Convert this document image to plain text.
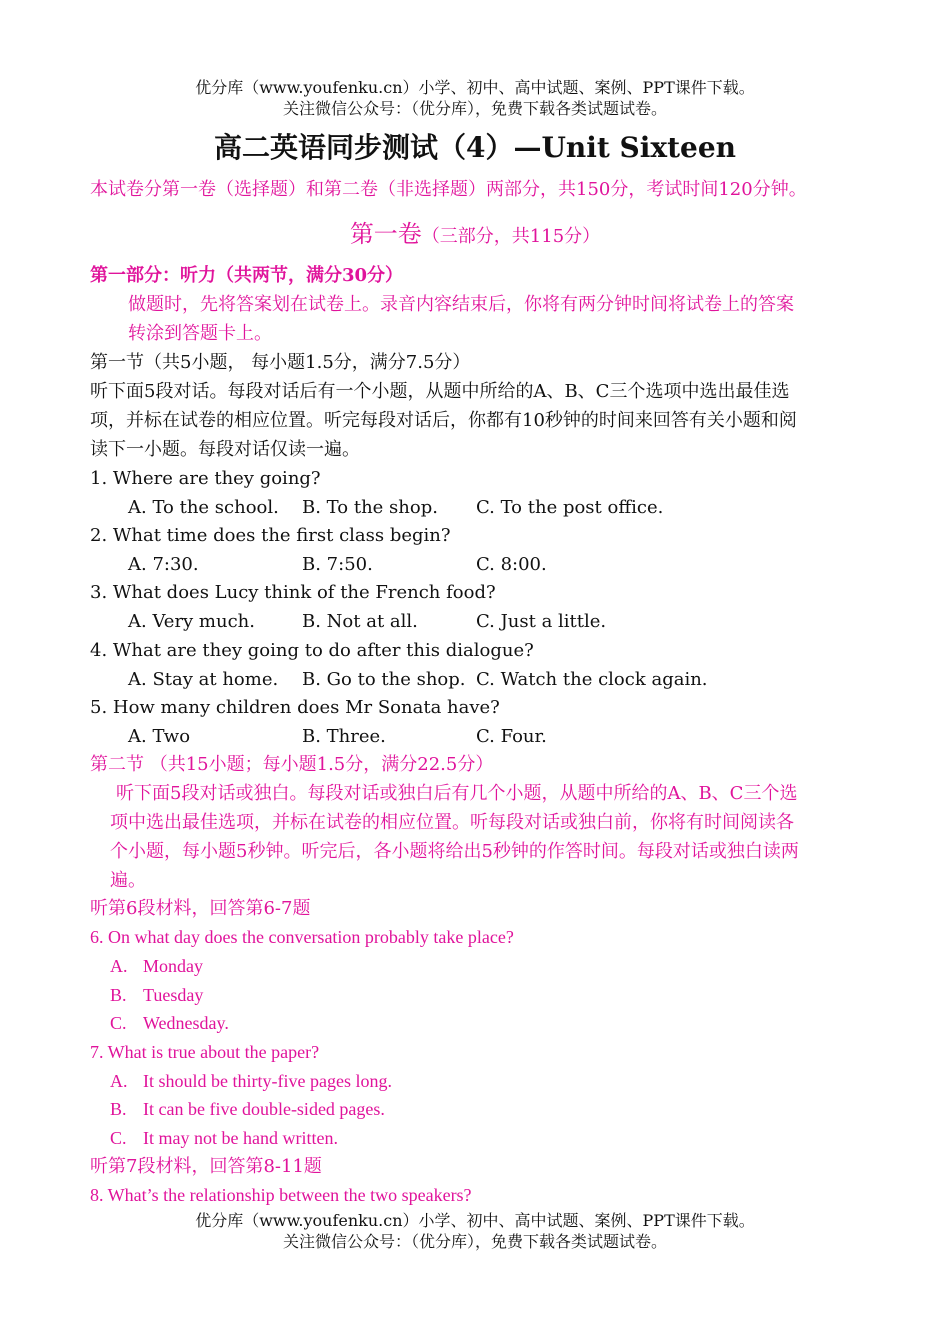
优分库（www.youfenku.cn）小学、初中、高中试题、案例、PPT课件下载。
关注微信公众号：（优分库），免费下载各类试题试卷。
高二英语同步测试（4）—Unit Sixteen
本试卷分第一卷（选择题）和第二卷（非选择题）两部分，共150分，考试时间120分钟。
第一卷（三部分，共115分）
第一部分：听力（共两节，满分30分）
做题时，先将答案划在试卷上。录音内容结束后，你将有两分钟时间将试卷上的答案
转涂到答题卡上。
第一节（共5小题， 每小题1.5分，满分7.5分）
听下面5段对话。每段对话后有一个小题，从题中所给的A、B、C三个选项中选出最佳选
项，并标在试卷的相应位置。听完每段对话后，你都有10秒钟的时间来回答有关小题和阅
读下一小题。每段对话仅读一遍。
1. Where are they going?
A. To the school. B. To the shop. C. To the post office.
2. What time does the first class begin?
A. 7:30.	B. 7:50.	C. 8:00.
3. What does Lucy think of the French food?
A. Very much.	B. Not at all.	C. Just a little.
4. What are they going to do after this dialogue?
A. Stay at home. B. Go to the shop. C. Watch the clock again.
5. How many children does Mr Sonata have?
A. Two	B. Three.	C. Four.
第二节 （共15小题；每小题1.5分，满分22.5分）
听下面5段对话或独白。每段对话或独白后有几个小题，从题中所给的A、B、C三个选
项中选出最佳选项，并标在试卷的相应位置。听每段对话或独白前，你将有时间阅读各
个小题，每小题5秒钟。听完后，各小题将给出5秒钟的作答时间。每段对话或独白读两
遍。
听第6段材料，回答第6-7题
6. On what day does the conversation probably take place?
A. Monday
B. Tuesday
C. Wednesday.
7. What is true about the paper?
A. It should be thirty-five pages long.
B. It can be five double-sided pages.
C. It may not be hand written.
听第7段材料，回答第8-11题
8. What’s the relationship between the two speakers?
优分库（www.youfenku.cn）小学、初中、高中试题、案例、PPT课件下载。
关注微信公众号：（优分库），免费下载各类试题试卷。
